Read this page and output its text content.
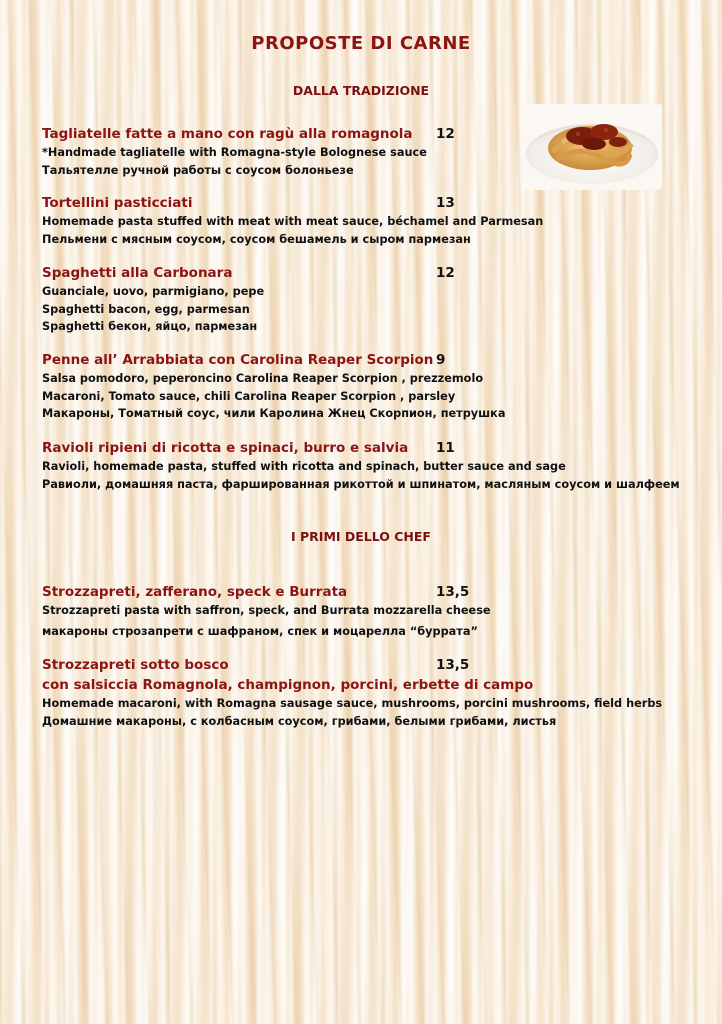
PROPOSTE DI CARNE
DALLA TRADIZIONE
Tagliatelle fatte a mano con ragù alla romagnola	12
*Handmade tagliatelle with Romagna-style Bolognese sauce
Тальятелле ручной работы с соусом болоньезе
Tortellini pasticciati	13
Homemade pasta stuffed with meat with meat sauce, béchamel and Parmesan
Пельмени с мясным соусом, соусом бешамель и сыром пармезан
Spaghetti alla Carbonara	12
Guanciale, uovo, parmigiano, pepe
Spaghetti bacon, egg, parmesan
Spaghetti бекон, яйцо, пармезан
Penne all’ Arrabbiata con Carolina Reaper Scorpion 9
Salsa pomodoro, peperoncino Carolina Reaper Scorpion , prezzemolo
Macaroni, Tomato sauce, chili Carolina Reaper Scorpion , parsley
Макароны, Томатный соус, чили Каролина Жнец Скорпион, петрушка
Ravioli ripieni di ricotta e spinaci, burro e salvia	11
Ravioli, homemade pasta, stuffed with ricotta and spinach, butter sauce and sage
Равиоли, домашняя паста, фаршированная рикоттой и шпинатом, масляным соусом и шалфеем
I PRIMI DELLO CHEF
Strozzapreti, zafferano, speck e Burrata	13,5
Strozzapreti pasta with saffron, speck, and Burrata mozzarella cheese
макароны строзапрети с шафраном, спек и моцарелла “буррата”
Strozzapreti sotto bosco	13,5
con salsiccia Romagnola, champignon, porcini, erbette di campo
Homemade macaroni, with Romagna sausage sauce, mushrooms, porcini mushrooms, field herbs
Домашние макароны, с колбасным соусом, грибами, белыми грибами, листья
